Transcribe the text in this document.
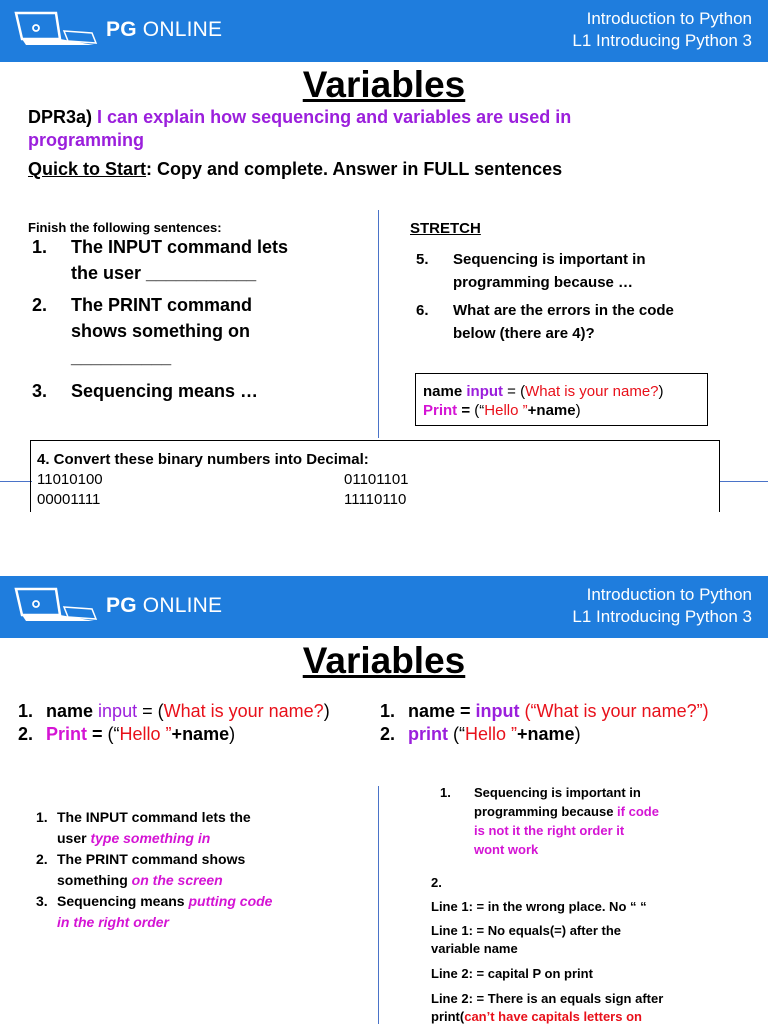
PG ONLINE	Introduction to Python
L1 Introducing Python 3
Variables
DPR3a) I can explain how sequencing and variables are used in
programming
Quick to Start: Copy and complete. Answer in FULL sentences
Finish the following sentences:
1. The INPUT command lets
the user ___________
2. The PRINT command
shows something on
__________
3. Sequencing means …
STRETCH
5. Sequencing is important in
programming because …
6. What are the errors in the code
below (there are 4)?
name input = (What is your name?)
Print = (“Hello ”+name)
4. Convert these binary numbers into Decimal:
11010100	01101101
00001111	11110110
PG ONLINE	Introduction to Python
L1 Introducing Python 3
Variables
1. name input = (What is your name?)
2. Print = (“Hello ”+name)
1. name = input (“What is your name?”)
2. print (“Hello ”+name)
1. The INPUT command lets the
user type something in
2. The PRINT command shows
something on the screen
3. Sequencing means putting code
in the right order
1. Sequencing is important in
programming because if code
is not it the right order it
wont work
2.
Line 1: = in the wrong place. No “ “
Line 1: = No equals(=) after the
variable name
Line 2: = capital P on print
Line 2: = There is an equals sign after
print(can’t have capitals letters on
